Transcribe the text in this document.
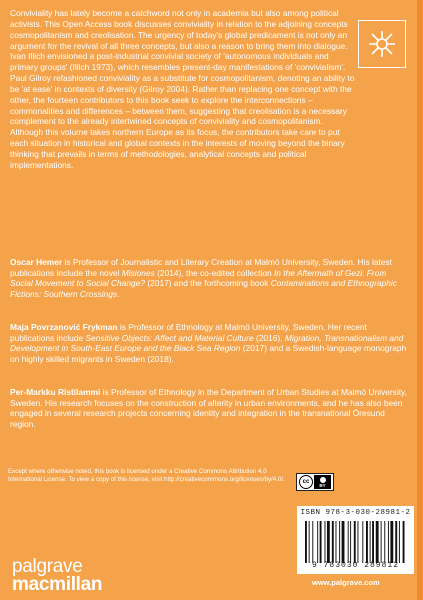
Conviviality has lately become a catchword not only in academia but also among political activists. This Open Access book discusses conviviality in relation to the adjoining concepts cosmopolitanism and creolisation. The urgency of today's global predicament is not only an argument for the revival of all three concepts, but also a reason to bring them into dialogue. Ivan Illich envisioned a post-industrial convivial society of 'autonomous individuals and primary groups' (Illich 1973), which resembles present-day manifestations of 'convivialism'. Paul Gilroy refashioned conviviality as a substitute for cosmopolitanism, denoting an ability to be 'at ease' in contexts of diversity (Gilroy 2004). Rather than replacing one concept with the other, the fourteen contributors to this book seek to explore the interconnections – commonalities and differences – between them, suggesting that creolisation is a necessary complement to the already intertwined concepts of conviviality and cosmopolitanism. Although this volume takes northern Europe as its focus, the contributors take care to put each situation in historical and global contexts in the interests of moving beyond the binary thinking that prevails in terms of methodologies, analytical concepts and political implementations.

Oscar Hemer is Professor of Journalistic and Literary Creation at Malmö University, Sweden. His latest publications include the novel Misiones (2014), the co-edited collection In the Aftermath of Gezi: From Social Movement to Social Change? (2017) and the forthcoming book Contaminations and Ethnographic Fictions: Southern Crossings.
Maja Povrzanović Frykman is Professor of Ethnology at Malmö University, Sweden. Her recent publications include Sensitive Objects: Affect and Material Culture (2016), Migration, Transnationalism and Development in South-East Europe and the Black Sea Region (2017) and a Swedish-language monograph on highly skilled migrants in Sweden (2018).
Per-Markku Ristilammi is Professor of Ethnology in the Department of Urban Studies at Malmö University, Sweden. His research focuses on the construction of alterity in urban environments, and he has also been engaged in several research projects concerning identity and integration in the transnational Öresund region.
Except where otherwise noted, this book is licensed under a Creative Commons Attribution 4.0 International License. To view a copy of this license, visit http://creativecommons.org/licenses/by/4.0/.	cc	BY
ISBN 978-3-030-28981-2
9 783030 289812
www.palgrave.com
palgrave
macmillan
